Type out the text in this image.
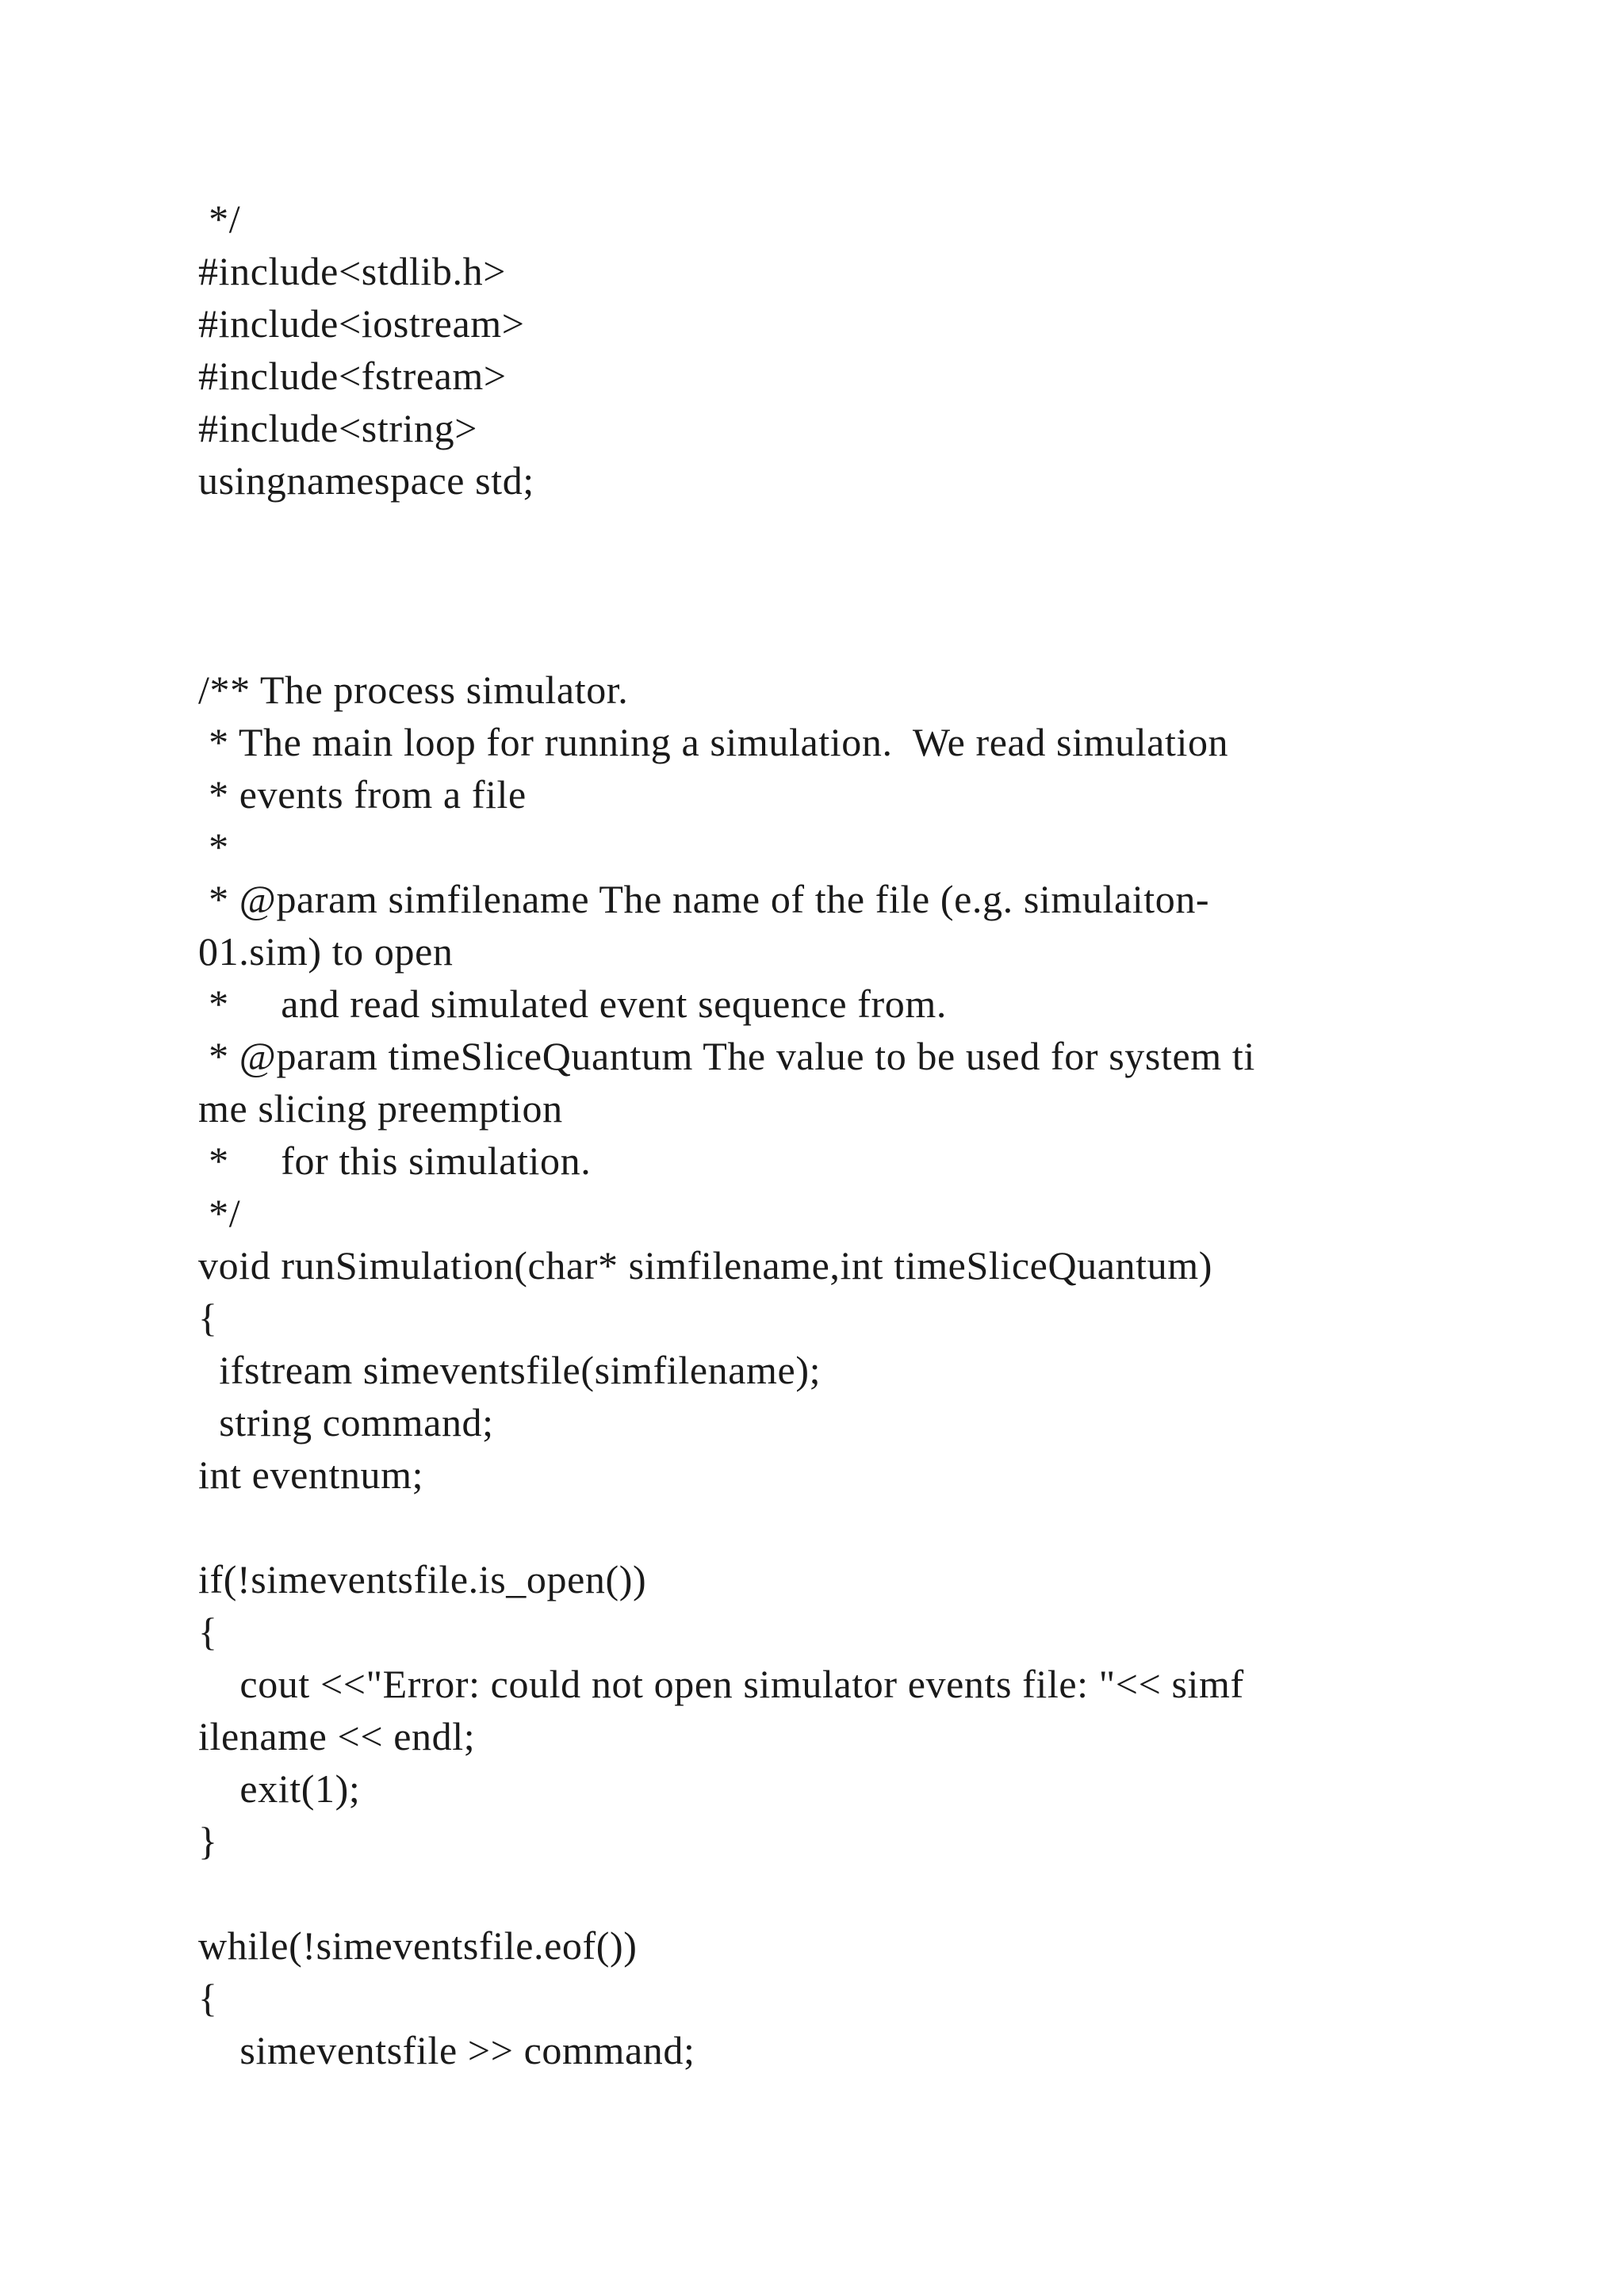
*/
#include<stdlib.h>
#include<iostream>
#include<fstream>
#include<string>
usingnamespace std;
/** The process simulator.
* The main loop for running a simulation.  We read simulation
* events from a file
*
* @param simfilename The name of the file (e.g. simulaiton-
01.sim) to open
*     and read simulated event sequence from.
* @param timeSliceQuantum The value to be used for system ti
me slicing preemption
*     for this simulation.
*/
void runSimulation(char* simfilename,int timeSliceQuantum)
{
ifstream simeventsfile(simfilename);
string command;
int eventnum;
if(!simeventsfile.is_open())
{
cout <<"Error: could not open simulator events file: "<< simf
ilename << endl;
exit(1);
}
while(!simeventsfile.eof())
{
simeventsfile >> command;
